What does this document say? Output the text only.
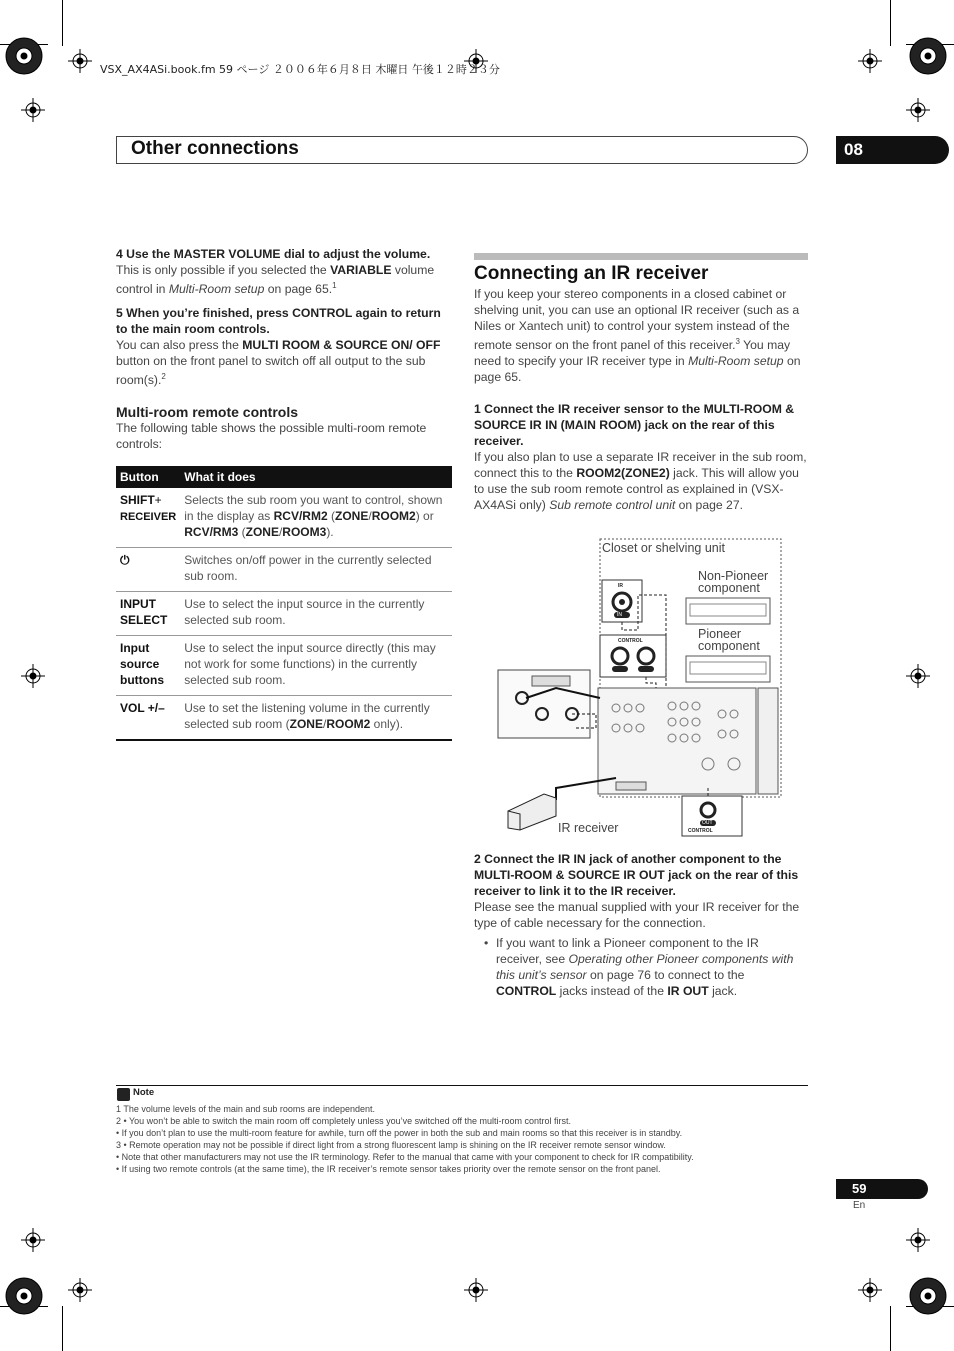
VSX_AX4ASi.book.fm 59 ページ ２００６年６月８日 木曜日 午後１２時２３分
Other connections	08
4 Use the MASTER VOLUME dial to adjust the volume.
This is only possible if you selected the VARIABLE volume control in Multi-Room setup on page 65.$^1$
5 When you’re finished, press CONTROL again to return to the main room controls.
You can also press the MULTI ROOM & SOURCE ON/ OFF button on the front panel to switch off all output to the sub room(s).$^2$
Multi-room remote controls
The following table shows the possible multi-room remote controls:
Button	What it does
SHIFT+
RECEIVER	Selects the sub room you want to control, shown in the display as RCV/RM2 (ZONE/ROOM2) or RCV/RM3 (ZONE/ROOM3).
⏻	Switches on/off power in the currently selected sub room.
INPUT SELECT	Use to select the input source in the currently selected sub room.
Input source buttons	Use to select the input source directly (this may not work for some functions) in the currently selected sub room.
VOL +/–	Use to set the listening volume in the currently selected sub room (ZONE/ROOM2 only).
Connecting an IR receiver
If you keep your stereo components in a closed cabinet or shelving unit, you can use an optional IR receiver (such as a Niles or Xantech unit) to control your system instead of the remote sensor on the front panel of this receiver.$^3$ You may need to specify your IR receiver type in Multi-Room setup on page 65.
1 Connect the IR receiver sensor to the MULTI-ROOM & SOURCE IR IN (MAIN ROOM) jack on the rear of this receiver.
If you also plan to use a separate IR receiver in the sub room, connect this to the ROOM2(ZONE2) jack. This will allow you to use the sub room remote control as explained in (VSX-AX4ASi only) Sub remote control unit on page 27.
Closet or shelving unit
Non-Pioneer component
Pioneer component
IR receiver
IR
IN
CONTROL
CONTROL
OUT
2 Connect the IR IN jack of another component to the MULTI-ROOM & SOURCE IR OUT jack on the rear of this receiver to link it to the IR receiver.
Please see the manual supplied with your IR receiver for the type of cable necessary for the connection.
• If you want to link a Pioneer component to the IR receiver, see Operating other Pioneer components with this unit’s sensor on page 76 to connect to the CONTROL jacks instead of the IR OUT jack.
Note
1 The volume levels of the main and sub rooms are independent.
2 • You won’t be able to switch the main room off completely unless you’ve switched off the multi-room control first.
• If you don’t plan to use the multi-room feature for awhile, turn off the power in both the sub and main rooms so that this receiver is in standby.
3 • Remote operation may not be possible if direct light from a strong fluorescent lamp is shining on the IR receiver remote sensor window.
• Note that other manufacturers may not use the IR terminology. Refer to the manual that came with your component to check for IR compatibility.
• If using two remote controls (at the same time), the IR receiver’s remote sensor takes priority over the remote sensor on the front panel.
59
En
